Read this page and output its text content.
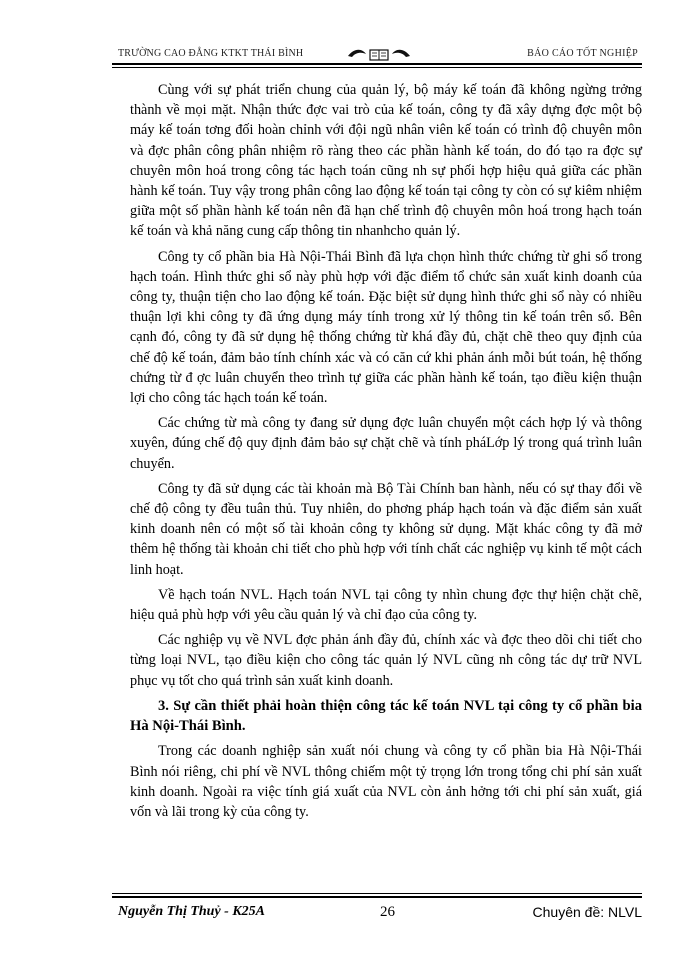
TRƯỜNG CAO ĐẲNG KTKT THÁI BÌNH	BÁO CÁO TỐT NGHIỆP

Cùng với sự phát triển chung của quản lý, bộ máy kế toán đã không ngừng trởng thành về mọi mặt. Nhận thức đợc vai trò của kế toán, công ty đã xây dựng đợc một bộ máy kế toán tơng đối hoàn chỉnh với đội ngũ nhân viên kế toán có trình độ chuyên môn và đợc phân công phân nhiệm rõ ràng theo các phần hành kế toán, do đó tạo ra đợc sự chuyên môn hoá trong công tác hạch toán cũng nh sự phối hợp hiệu quả giữa các phần hành kế toán. Tuy vậy trong phân công lao động kế toán tại công ty còn có sự kiêm nhiệm giữa một số phần hành kế toán nên đã hạn chế trình độ chuyên môn hoá trong hạch toán kế toán và khả năng cung cấp thông tin nhanhcho quản lý.

Công ty cổ phần bia Hà Nội-Thái Bình đã lựa chọn hình thức chứng từ ghi sổ trong hạch toán. Hình thức ghi sổ này phù hợp với đặc điểm tổ chức sản xuất kinh doanh của công ty, thuận tiện cho lao động kế toán. Đặc biệt sử dụng hình thức ghi sổ này có nhiều thuận lợi khi công ty đã ứng dụng máy tính trong xử lý thông tin kế toán trên sổ. Bên cạnh đó, công ty đã sử dụng hệ thống chứng từ khá đầy đủ, chặt chẽ theo quy định của chế độ kế toán, đảm bảo tính chính xác và có căn cứ khi phản ánh mỗi bút toán, hệ thống chứng từ đ ợc luân chuyển theo trình tự giữa các phần hành kế toán, tạo điều kiện thuận lợi cho công tác hạch toán kế toán.

Các chứng từ mà công ty đang sử dụng đợc luân chuyển một cách hợp lý và thông xuyên, đúng chế độ quy định đảm bảo sự chặt chẽ và tính pháLớp lý trong quá trình luân chuyển.

Công ty đã sử dụng các tài khoản mà Bộ Tài Chính ban hành, nếu có sự thay đổi về chế độ công ty đều tuân thủ. Tuy nhiên, do phơng pháp hạch toán và đặc điểm sản xuất kinh doanh nên có một số tài khoản công ty không sử dụng. Mặt khác công ty đã mở thêm hệ thống tài khoản chi tiết cho phù hợp với tính chất các nghiệp vụ kinh tế một cách linh hoạt.

Về hạch toán NVL. Hạch toán NVL tại công ty nhìn chung đợc thự hiện chặt chẽ, hiệu quả phù hợp với yêu cầu quản lý và chỉ đạo của công ty.

Các nghiệp vụ về NVL đợc phản ánh đầy đủ, chính xác và đợc theo dõi chi tiết cho từng loại NVL, tạo điều kiện cho công tác quản lý NVL cũng nh công tác dự trữ NVL phục vụ tốt cho quá trình sản xuất kinh doanh.

3. Sự cần thiết phải hoàn thiện công tác kế toán NVL tại công ty cổ phần bia Hà Nội-Thái Bình.

Trong các doanh nghiệp sản xuất nói chung và công ty cổ phần bia Hà Nội-Thái Bình nói riêng, chi phí về NVL thông chiếm một tỷ trọng lớn trong tổng chi phí sản xuất kinh doanh. Ngoài ra việc tính giá xuất của NVL còn ảnh hởng tới chi phí sản xuất, giá vốn và lãi trong kỳ của công ty.

Nguyễn Thị Thuỷ - K25A	26	Chuyên đề: NLVL
